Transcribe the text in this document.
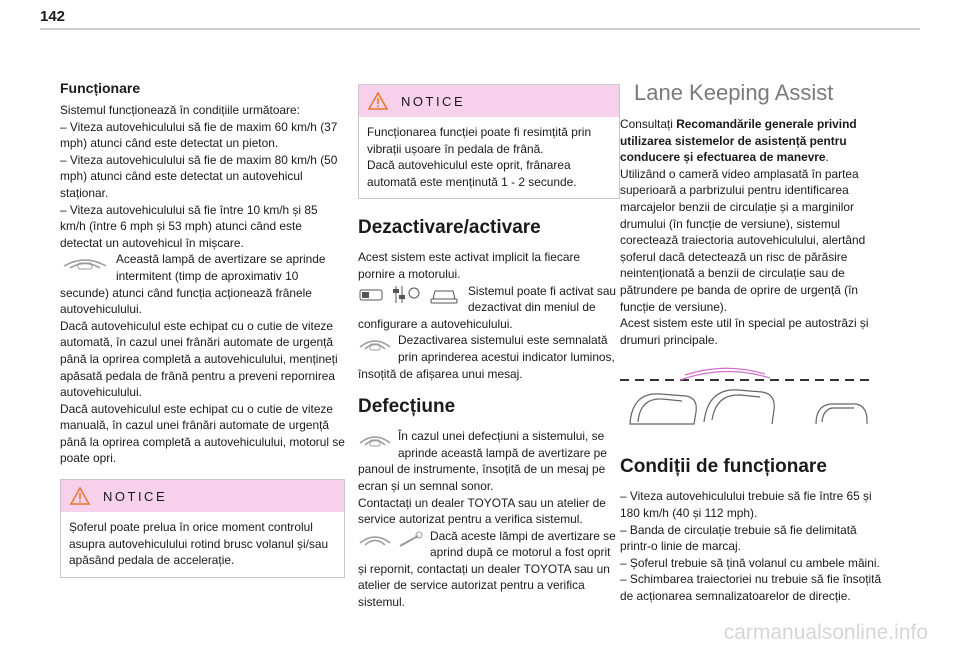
142

Funcționare

Sistemul funcționează în condițiile următoare:

– Viteza autovehiculului să fie de maxim 60 km/h (37 mph) atunci când este detectat un pieton.

– Viteza autovehiculului să fie de maxim 80 km/h (50 mph) atunci când este detectat un autovehicul staționar.

– Viteza autovehiculului să fie între 10 km/h și 85 km/h (între 6 mph și 53 mph) atunci când este detectat un autovehicul în mișcare.

Această lampă de avertizare se aprinde intermitent (timp de aproximativ 10 secunde) atunci când funcția acționează frânele autovehiculului.

Dacă autovehiculul este echipat cu o cutie de viteze automată, în cazul unei frânări automate de urgență până la oprirea completă a autovehiculului, mențineți apăsată pedala de frână pentru a preveni repornirea autovehiculului.

Dacă autovehiculul este echipat cu o cutie de viteze manuală, în cazul unei frânări automate de urgență până la oprirea completă a autovehiculului, motorul se poate opri.

NOTICE

Șoferul poate prelua în orice moment controlul asupra autovehiculului rotind brusc volanul și/sau apăsând pedala de accelerație.

NOTICE

Funcționarea funcției poate fi resimțită prin vibrații ușoare în pedala de frână.

Dacă autovehiculul este oprit, frânarea automată este menținută 1 - 2 secunde.

Dezactivare/activare

Acest sistem este activat implicit la fiecare pornire a motorului.

Sistemul poate fi activat sau dezactivat din meniul de configurare a autovehiculului.
Dezactivarea sistemului este semnalată prin aprinderea acestui indicator luminos, însoțită de afișarea unui mesaj.

Defecțiune

În cazul unei defecțiuni a sistemului, se aprinde această lampă de avertizare pe panoul de instrumente, însoțită de un mesaj pe ecran și un semnal sonor.

Contactați un dealer TOYOTA sau un atelier de service autorizat pentru a verifica sistemul.

Dacă aceste lămpi de avertizare se aprind după ce motorul a fost oprit și repornit, contactați un dealer TOYOTA sau un atelier de service autorizat pentru a verifica sistemul.

Lane Keeping Assist

Consultați Recomandările generale privind utilizarea sistemelor de asistență pentru conducere și efectuarea de manevre.

Utilizând o cameră video amplasată în partea superioară a parbrizului pentru identificarea marcajelor benzii de circulație și a marginilor drumului (în funcție de versiune), sistemul corectează traiectoria autovehiculului, alertând șoferul dacă detectează un risc de părăsire neintenționată a benzii de circulație sau de pătrundere pe banda de oprire de urgență (în funcție de versiune).

Acest sistem este util în special pe autostrăzi și drumuri principale.

Condiții de funcționare

– Viteza autovehiculului trebuie să fie între 65 și 180 km/h (40 și 112 mph).

– Banda de circulație trebuie să fie delimitată printr-o linie de marcaj.

– Șoferul trebuie să țină volanul cu ambele mâini.

– Schimbarea traiectoriei nu trebuie să fie însoțită de acționarea semnalizatoarelor de direcție.

carmanualsonline.info
